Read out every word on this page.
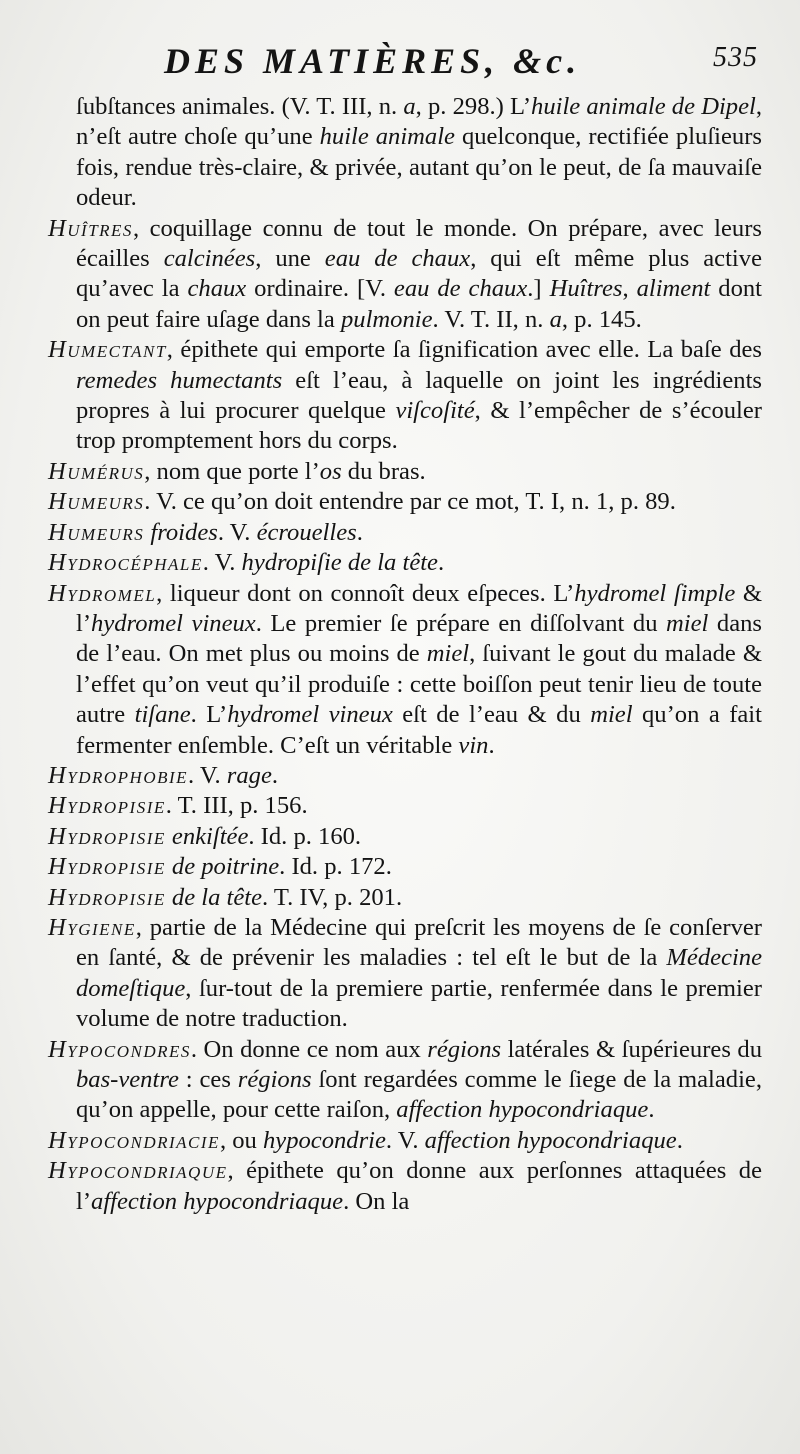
DES MATIÈRES, &c.	535

ſubſtances animales. (V. T. III, n. a, p. 298.) L’huile animale de Dipel, n’eſt autre choſe qu’une huile animale quelconque, rectifiée pluſieurs fois, rendue très-claire, & privée, autant qu’on le peut, de ſa mauvaiſe odeur.

Huîtres, coquillage connu de tout le monde. On prépare, avec leurs écailles calcinées, une eau de chaux, qui eſt même plus active qu’avec la chaux ordinaire. [V. eau de chaux.] Huîtres, aliment dont on peut faire uſage dans la pulmonie. V. T. II, n. a, p. 145.

Humectant, épithete qui emporte ſa ſignification avec elle. La baſe des remedes humectants eſt l’eau, à laquelle on joint les ingrédients propres à lui procurer quelque viſcoſité, & l’empêcher de s’écouler trop promptement hors du corps.

Humérus, nom que porte l’os du bras.

Humeurs. V. ce qu’on doit entendre par ce mot, T. I, n. 1, p. 89.

Humeurs froides. V. écrouelles.

Hydrocéphale. V. hydropiſie de la tête.

Hydromel, liqueur dont on connoît deux eſpeces. L’hydromel ſimple & l’hydromel vineux. Le premier ſe prépare en diſſolvant du miel dans de l’eau. On met plus ou moins de miel, ſuivant le gout du malade & l’effet qu’on veut qu’il produiſe : cette boiſſon peut tenir lieu de toute autre tiſane. L’hydromel vineux eſt de l’eau & du miel qu’on a fait fermenter enſemble. C’eſt un véritable vin.

Hydrophobie. V. rage.

Hydropisie. T. III, p. 156.

Hydropisie enkiſtée. Id. p. 160.

Hydropisie de poitrine. Id. p. 172.

Hydropisie de la tête. T. IV, p. 201.

Hygiene, partie de la Médecine qui preſcrit les moyens de ſe conſerver en ſanté, & de prévenir les maladies : tel eſt le but de la Médecine domeſtique, ſur-tout de la premiere partie, renfermée dans le premier volume de notre traduction.

Hypocondres. On donne ce nom aux régions latérales & ſupérieures du bas-ventre : ces régions ſont regardées comme le ſiege de la maladie, qu’on appelle, pour cette raiſon, affection hypocondriaque.

Hypocondriacie, ou hypocondrie. V. affection hypocondriaque.

Hypocondriaque, épithete qu’on donne aux perſonnes attaquées de l’affection hypocondriaque. On la
